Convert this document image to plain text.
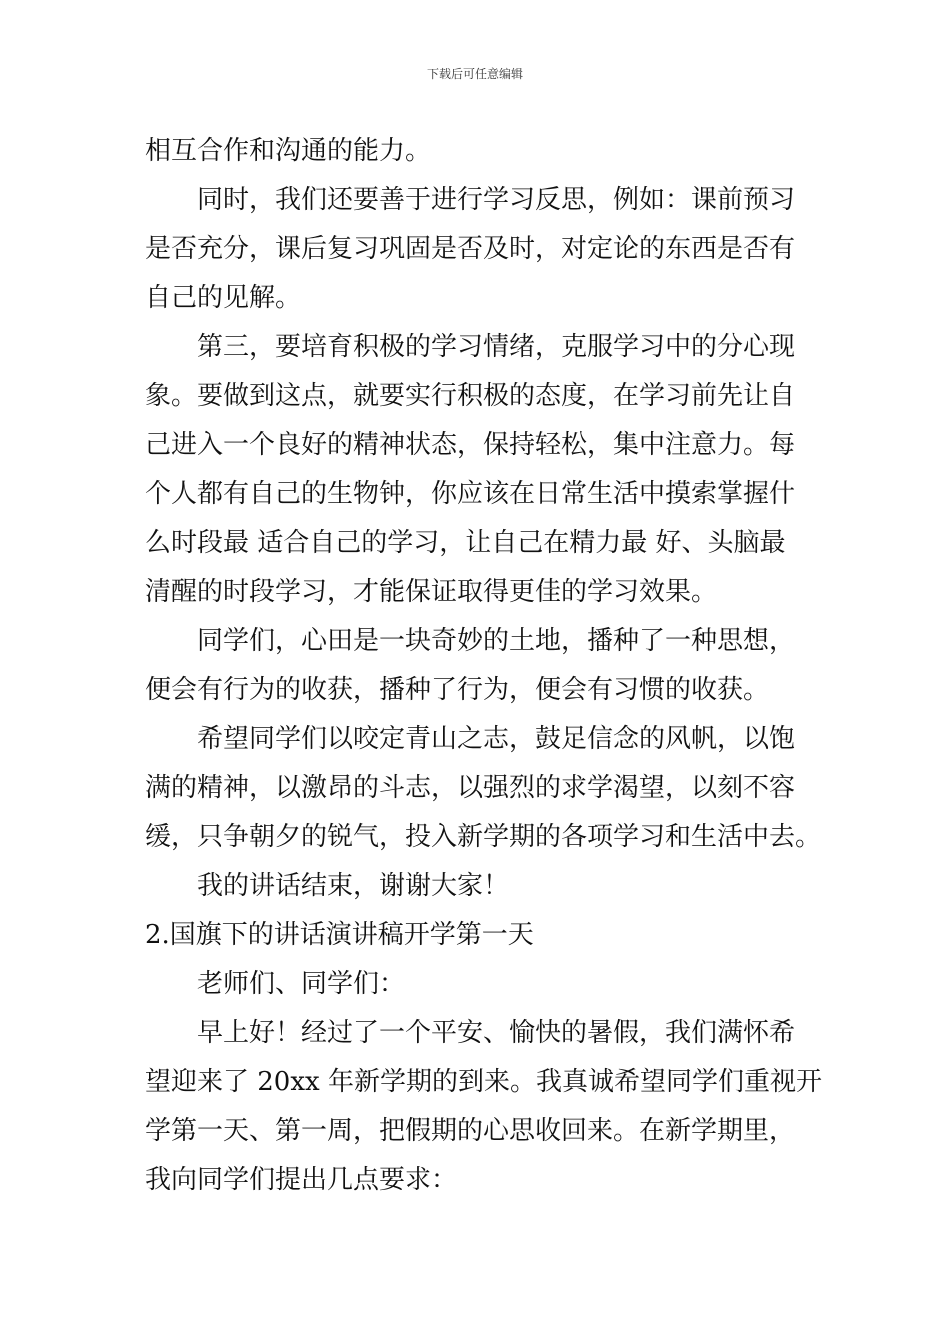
下载后可任意编辑
相互合作和沟通的能力。
同时，我们还要善于进行学习反思，例如：课前预习
是否充分，课后复习巩固是否及时，对定论的东西是否有
自己的见解。
第三，要培育积极的学习情绪，克服学习中的分心现
象。要做到这点，就要实行积极的态度，在学习前先让自
己进入一个良好的精神状态，保持轻松，集中注意力。每
个人都有自己的生物钟，你应该在日常生活中摸索掌握什
么时段最 适合自己的学习，让自己在精力最 好、头脑最
清醒的时段学习，才能保证取得更佳的学习效果。
同学们，心田是一块奇妙的土地，播种了一种思想，
便会有行为的收获，播种了行为，便会有习惯的收获。
希望同学们以咬定青山之志，鼓足信念的风帆，以饱
满的精神，以激昂的斗志，以强烈的求学渴望，以刻不容
缓，只争朝夕的锐气，投入新学期的各项学习和生活中去。
我的讲话结束，谢谢大家！
2.国旗下的讲话演讲稿开学第一天
老师们、同学们：
早上好！经过了一个平安、愉快的暑假，我们满怀希
望迎来了 20xx 年新学期的到来。我真诚希望同学们重视开
学第一天、第一周，把假期的心思收回来。在新学期里，
我向同学们提出几点要求：
